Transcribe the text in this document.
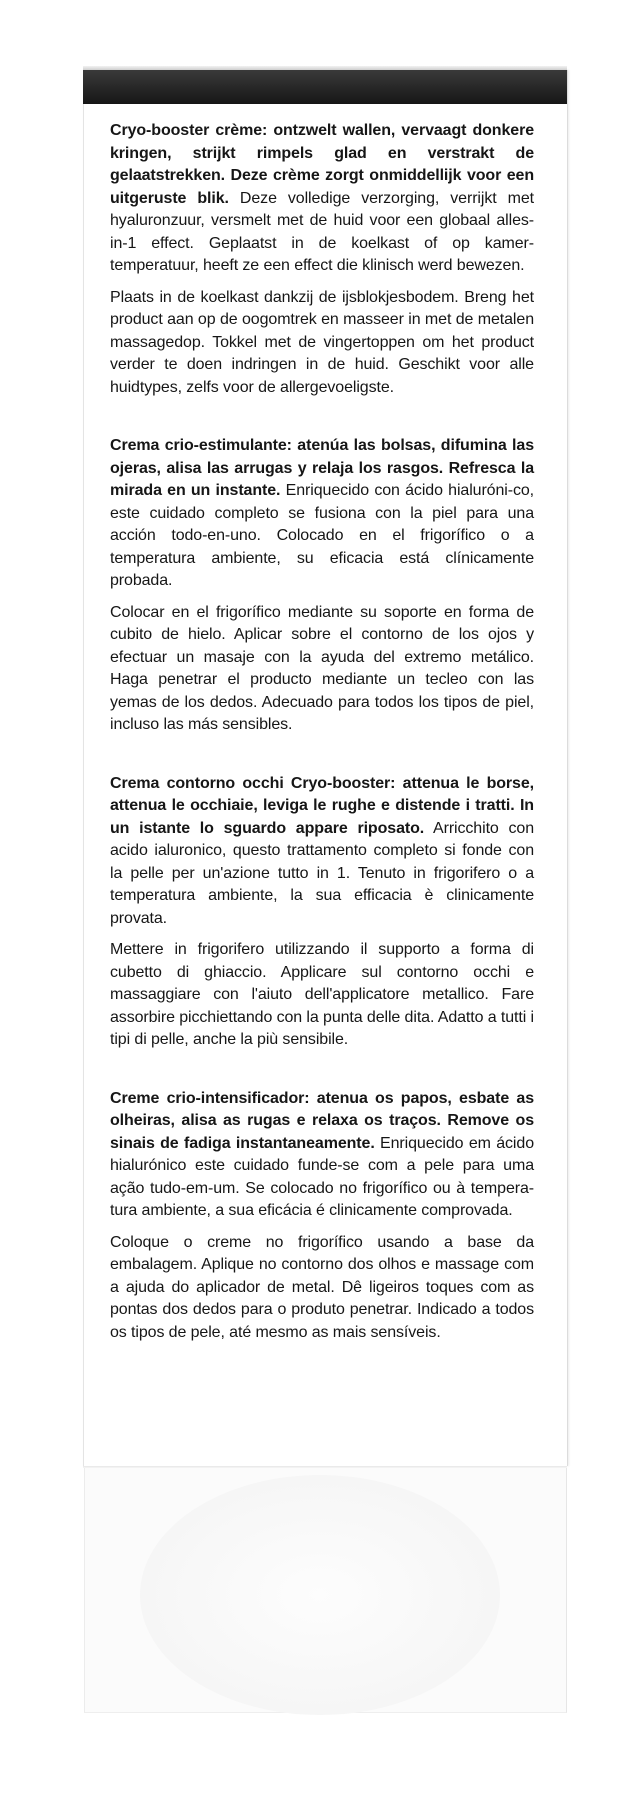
Cryo-booster crème: ontzwelt wallen, vervaagt donkere kringen, strijkt rimpels glad en verstrakt de gelaatstrekken. Deze crème zorgt onmiddellijk voor een uitgeruste blik. Deze volledige verzorging, verrijkt met hyaluronzuur, versmelt met de huid voor een globaal alles-in-1 effect. Geplaatst in de koelkast of op kamer-temperatuur, heeft ze een effect die klinisch werd bewezen.

Plaats in de koelkast dankzij de ijsblokjesbodem. Breng het product aan op de oogomtrek en masseer in met de metalen massagedop. Tokkel met de vingertoppen om het product verder te doen indringen in de huid. Geschikt voor alle huidtypes, zelfs voor de allergevoeligste.

Crema crio-estimulante: atenúa las bolsas, difumina las ojeras, alisa las arrugas y relaja los rasgos. Refresca la mirada en un instante. Enriquecido con ácido hialuróni-co, este cuidado completo se fusiona con la piel para una acción todo-en-uno. Colocado en el frigorífico o a temperatura ambiente, su eficacia está clínicamente probada.

Colocar en el frigorífico mediante su soporte en forma de cubito de hielo. Aplicar sobre el contorno de los ojos y efectuar un masaje con la ayuda del extremo metálico. Haga penetrar el producto mediante un tecleo con las yemas de los dedos. Adecuado para todos los tipos de piel, incluso las más sensibles.

Crema contorno occhi Cryo-booster: attenua le borse, attenua le occhiaie, leviga le rughe e distende i tratti. In un istante lo sguardo appare riposato. Arricchito con acido ialuronico, questo trattamento completo si fonde con la pelle per un'azione tutto in 1. Tenuto in frigorifero o a temperatura ambiente, la sua efficacia è clinicamente provata.

Mettere in frigorifero utilizzando il supporto a forma di cubetto di ghiaccio. Applicare sul contorno occhi e massaggiare con l'aiuto dell'applicatore metallico. Fare assorbire picchiettando con la punta delle dita. Adatto a tutti i tipi di pelle, anche la più sensibile.

Creme crio-intensificador: atenua os papos, esbate as olheiras, alisa as rugas e relaxa os traços. Remove os sinais de fadiga instantaneamente. Enriquecido em ácido hialurónico este cuidado funde-se com a pele para uma ação tudo-em-um. Se colocado no frigorífico ou à tempera-tura ambiente, a sua eficácia é clinicamente comprovada.

Coloque o creme no frigorífico usando a base da embalagem. Aplique no contorno dos olhos e massage com a ajuda do aplicador de metal. Dê ligeiros toques com as pontas dos dedos para o produto penetrar. Indicado a todos os tipos de pele, até mesmo as mais sensíveis.
